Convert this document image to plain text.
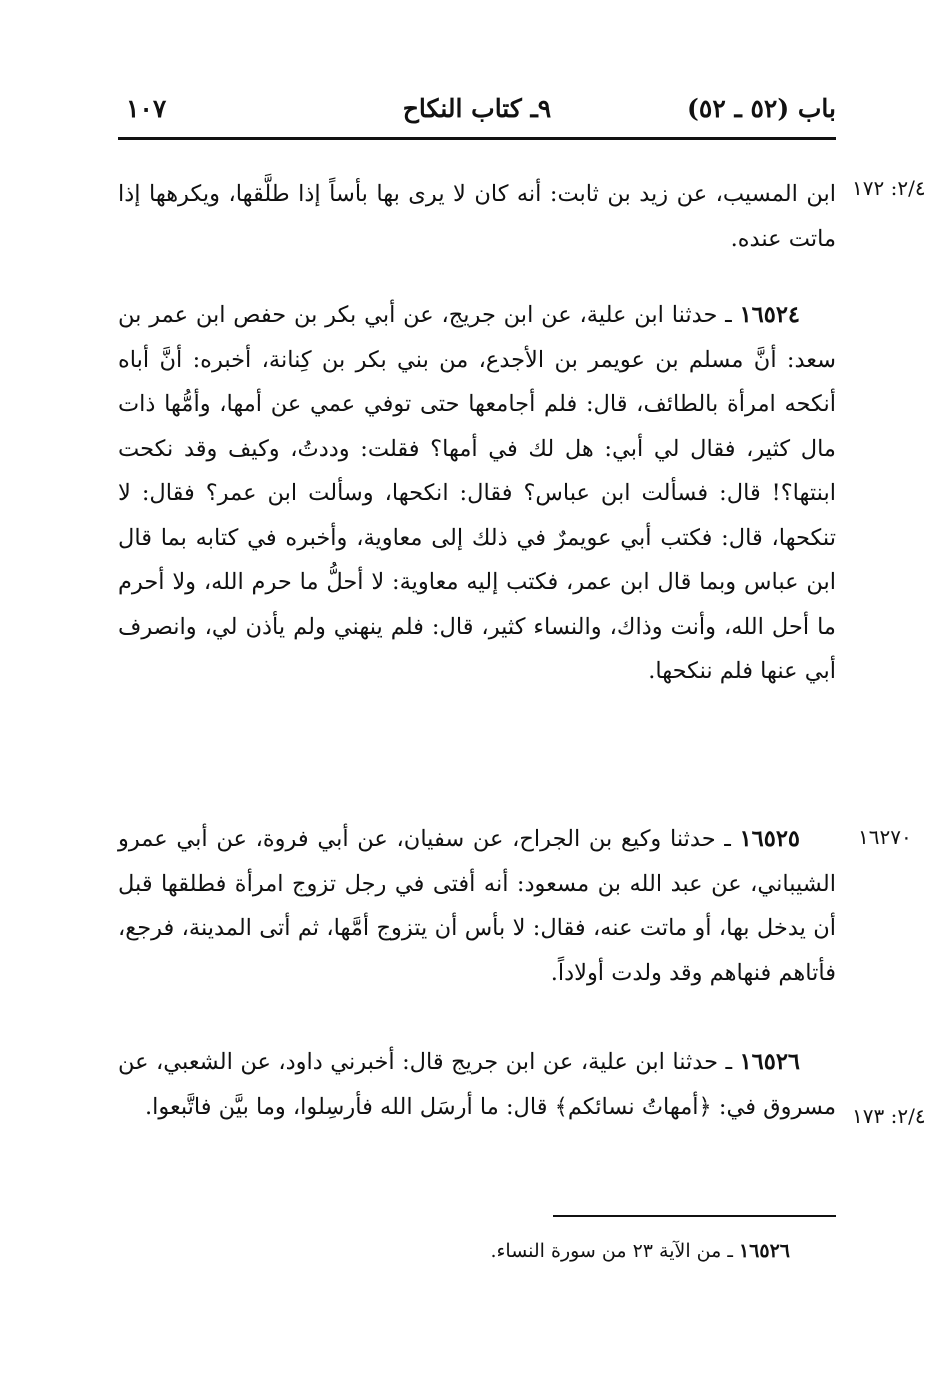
باب (٥٢ ـ ٥٢)
٩ـ كتاب النكاح
١٠٧
٢/٤: ١٧٢
ابن المسيب، عن زيد بن ثابت: أنه كان لا يرى بها بأساً إذا طلَّقها، ويكرهها إذا ماتت عنده.
١٦٥٢٤ ـ حدثنا ابن علية، عن ابن جريج، عن أبي بكر بن حفص ابن عمر بن سعد: أنَّ مسلم بن عويمر بن الأجدع، من بني بكر بن كِنانة، أخبره: أنَّ أباه أنكحه امرأة بالطائف، قال: فلم أجامعها حتى توفي عمي عن أمها، وأمُّها ذات مال كثير، فقال لي أبي: هل لك في أمها؟ فقلت: وددتُ، وكيف وقد نكحت ابنتها؟! قال: فسألت ابن عباس؟ فقال: انكحها، وسألت ابن عمر؟ فقال: لا تنكحها، قال: فكتب أبي عويمرٌ في ذلك إلى معاوية، وأخبره في كتابه بما قال ابن عباس وبما قال ابن عمر، فكتب إليه معاوية: لا أحلُّ ما حرم الله، ولا أحرم ما أحل الله، وأنت وذاك، والنساء كثير، قال: فلم ينهني ولم يأذن لي، وانصرف أبي عنها فلم ننكحها.
١٦٢٧٠
١٦٥٢٥ ـ حدثنا وكيع بن الجراح، عن سفيان، عن أبي فروة، عن أبي عمرو الشيباني، عن عبد الله بن مسعود: أنه أفتى في رجل تزوج امرأة فطلقها قبل أن يدخل بها، أو ماتت عنه، فقال: لا بأس أن يتزوج أمَّها، ثم أتى المدينة، فرجع، فأتاهم فنهاهم وقد ولدت أولاداً.
٢/٤: ١٧٣
١٦٥٢٦ ـ حدثنا ابن علية، عن ابن جريج قال: أخبرني داود، عن الشعبي، عن مسروق في: ﴿أمهاتُ نسائكم﴾ قال: ما أرسَل الله فأرسِلوا، وما بيَّن فاتَّبعوا.
١٦٥٢٦ ـ من الآية ٢٣ من سورة النساء.
